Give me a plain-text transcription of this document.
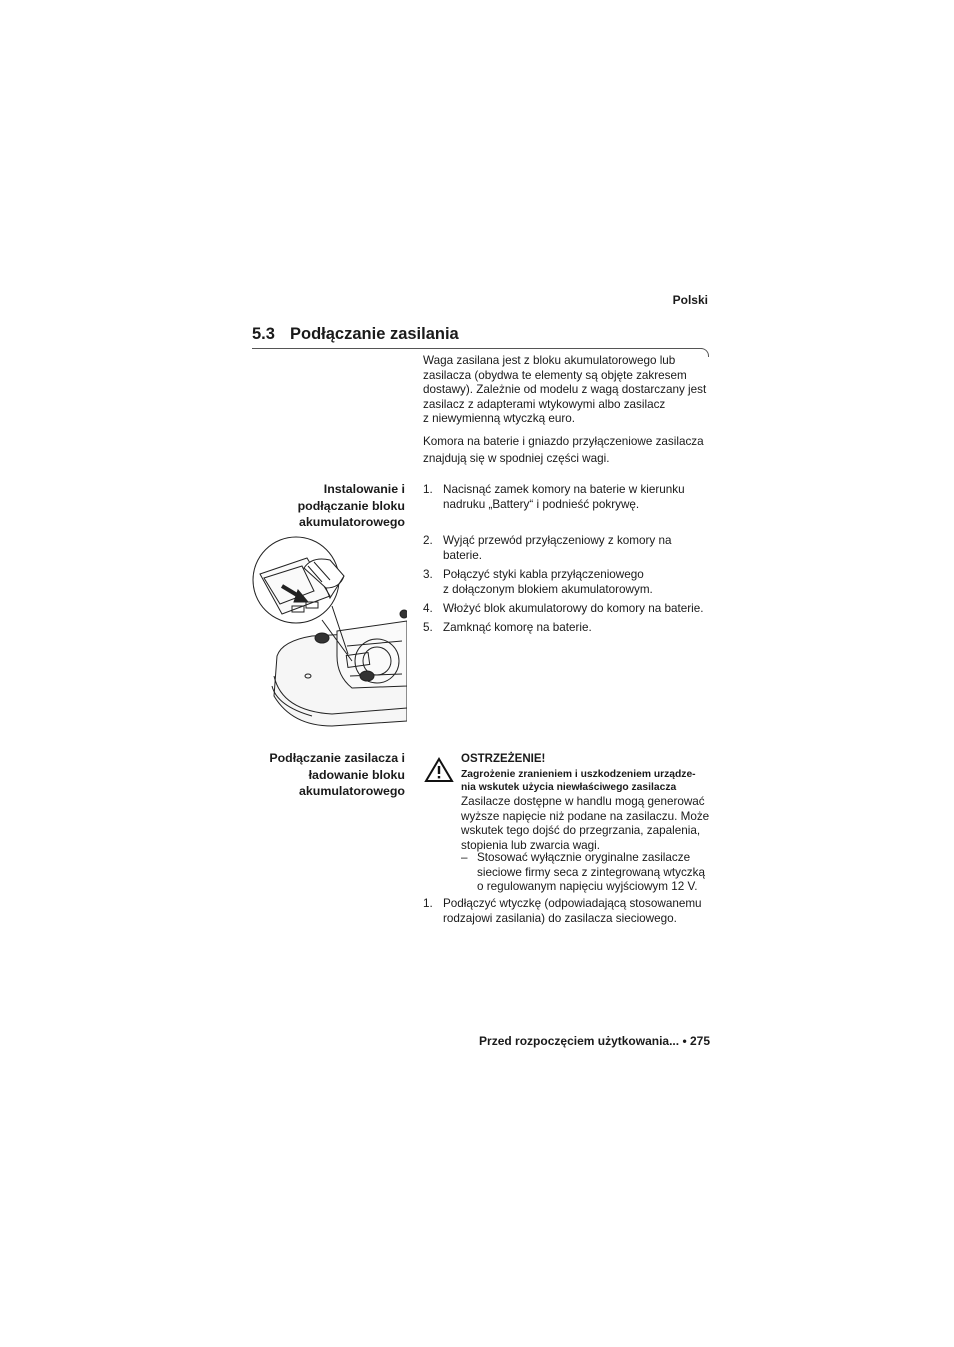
Polski
5.3 Podłączanie zasilania
Waga zasilana jest z bloku akumulatorowego lub
zasilacza (obydwa te elementy są objęte zakresem
dostawy). Zależnie od modelu z wagą dostarczany jest
zasilacz z adapterami wtykowymi albo zasilacz
z niewymienną wtyczką euro.
Komora na baterie i gniazdo przyłączeniowe zasilacza
znajdują się w spodniej części wagi.
Instalowanie i
podłączanie bloku
akumulatorowego
1. Nacisnąć zamek komory na baterie w kierunku
nadruku „Battery“ i podnieść pokrywę.
2. Wyjąć przewód przyłączeniowy z komory na
baterie.
3. Połączyć styki kabla przyłączeniowego
z dołączonym blokiem akumulatorowym.
4. Włożyć blok akumulatorowy do komory na baterie.
5. Zamknąć komorę na baterie.
Podłączanie zasilacza i
ładowanie bloku
akumulatorowego
OSTRZEŻENIE!
Zagrożenie zranieniem i uszkodzeniem urządze-
nia wskutek użycia niewłaściwego zasilacza
Zasilacze dostępne w handlu mogą generować
wyższe napięcie niż podane na zasilaczu. Może
wskutek tego dojść do przegrzania, zapalenia,
stopienia lub zwarcia wagi.
– Stosować wyłącznie oryginalne zasilacze
sieciowe firmy seca z zintegrowaną wtyczką
o regulowanym napięciu wyjściowym 12 V.
1. Podłączyć wtyczkę (odpowiadającą stosowanemu
rodzajowi zasilania) do zasilacza sieciowego.
Przed rozpoczęciem użytkowania... • 275
